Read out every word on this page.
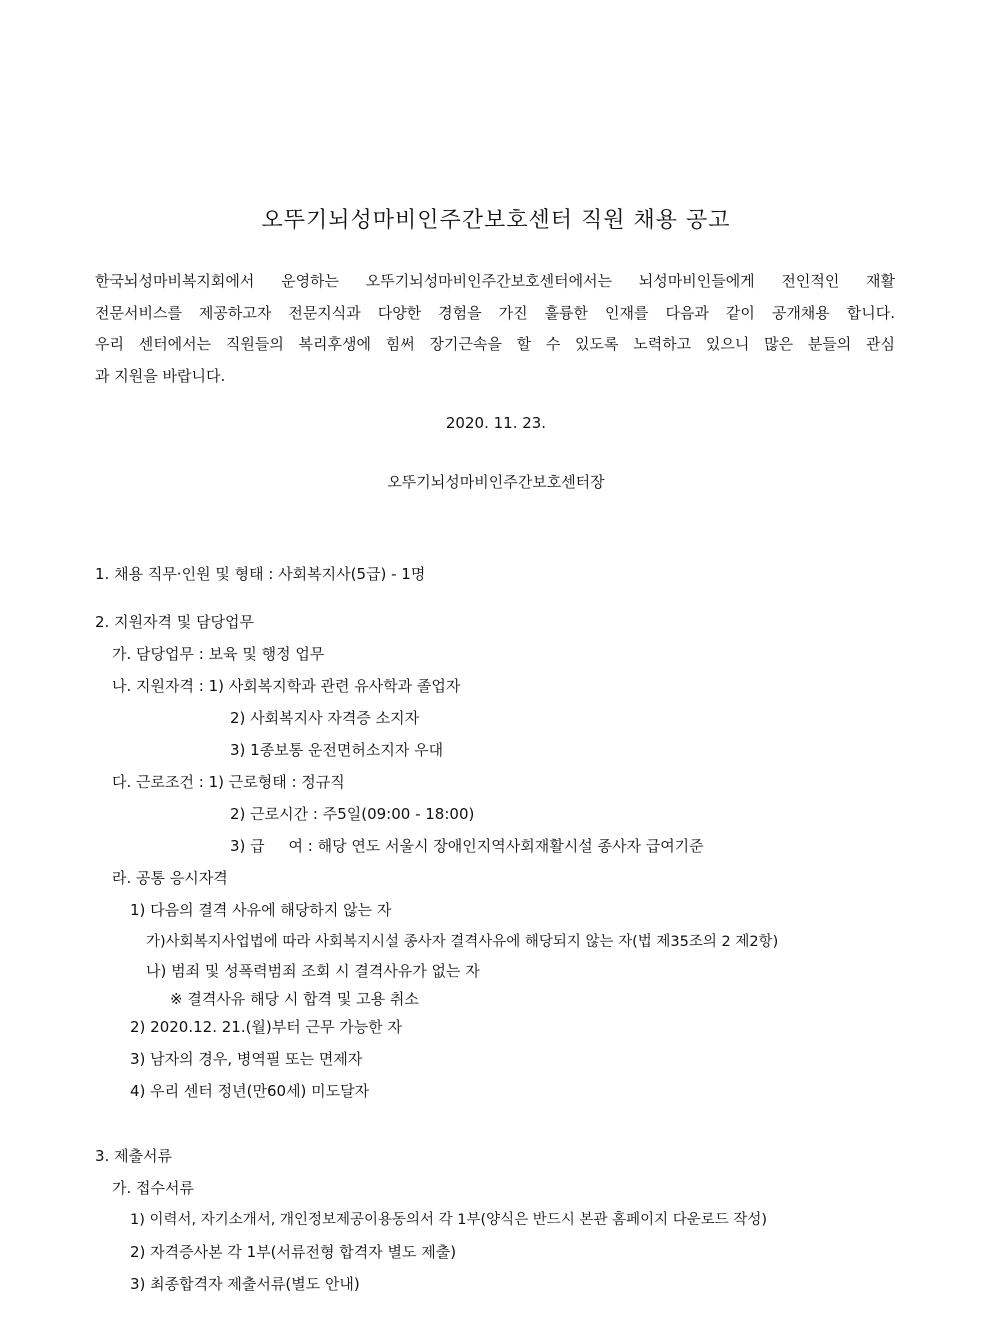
오뚜기뇌성마비인주간보호센터 직원 채용 공고
한국뇌성마비복지회에서 운영하는 오뚜기뇌성마비인주간보호센터에서는 뇌성마비인들에게 전인적인 재활
전문서비스를 제공하고자 전문지식과 다양한 경험을 가진 훌륭한 인재를 다음과 같이 공개채용 합니다.
우리 센터에서는 직원들의 복리후생에 힘써 장기근속을 할 수 있도록 노력하고 있으니 많은 분들의 관심
과 지원을 바랍니다.
2020. 11. 23.
오뚜기뇌성마비인주간보호센터장
1. 채용 직무·인원 및 형태 : 사회복지사(5급) - 1명
2. 지원자격 및 담당업무
가. 담당업무 : 보육 및 행정 업무
나. 지원자격 : 1) 사회복지학과 관련 유사학과 졸업자
2) 사회복지사 자격증 소지자
3) 1종보통 운전면허소지자 우대
다. 근로조건 : 1) 근로형태 : 정규직
2) 근로시간 : 주5일(09:00 - 18:00)
3) 급     여 : 해당 연도 서울시 장애인지역사회재활시설 종사자 급여기준
라. 공통 응시자격
1) 다음의 결격 사유에 해당하지 않는 자
가)사회복지사업법에 따라 사회복지시설 종사자 결격사유에 해당되지 않는 자(법 제35조의 2 제2항)
나) 범죄 및 성폭력범죄 조회 시 결격사유가 없는 자
※ 결격사유 해당 시 합격 및 고용 취소
2) 2020.12. 21.(월)부터 근무 가능한 자
3) 남자의 경우, 병역필 또는 면제자
4) 우리 센터 정년(만60세) 미도달자
3. 제출서류
가. 접수서류
1) 이력서, 자기소개서, 개인정보제공이용동의서 각 1부(양식은 반드시 본관 홈페이지 다운로드 작성)
2) 자격증사본 각 1부(서류전형 합격자 별도 제출)
3) 최종합격자 제출서류(별도 안내)
